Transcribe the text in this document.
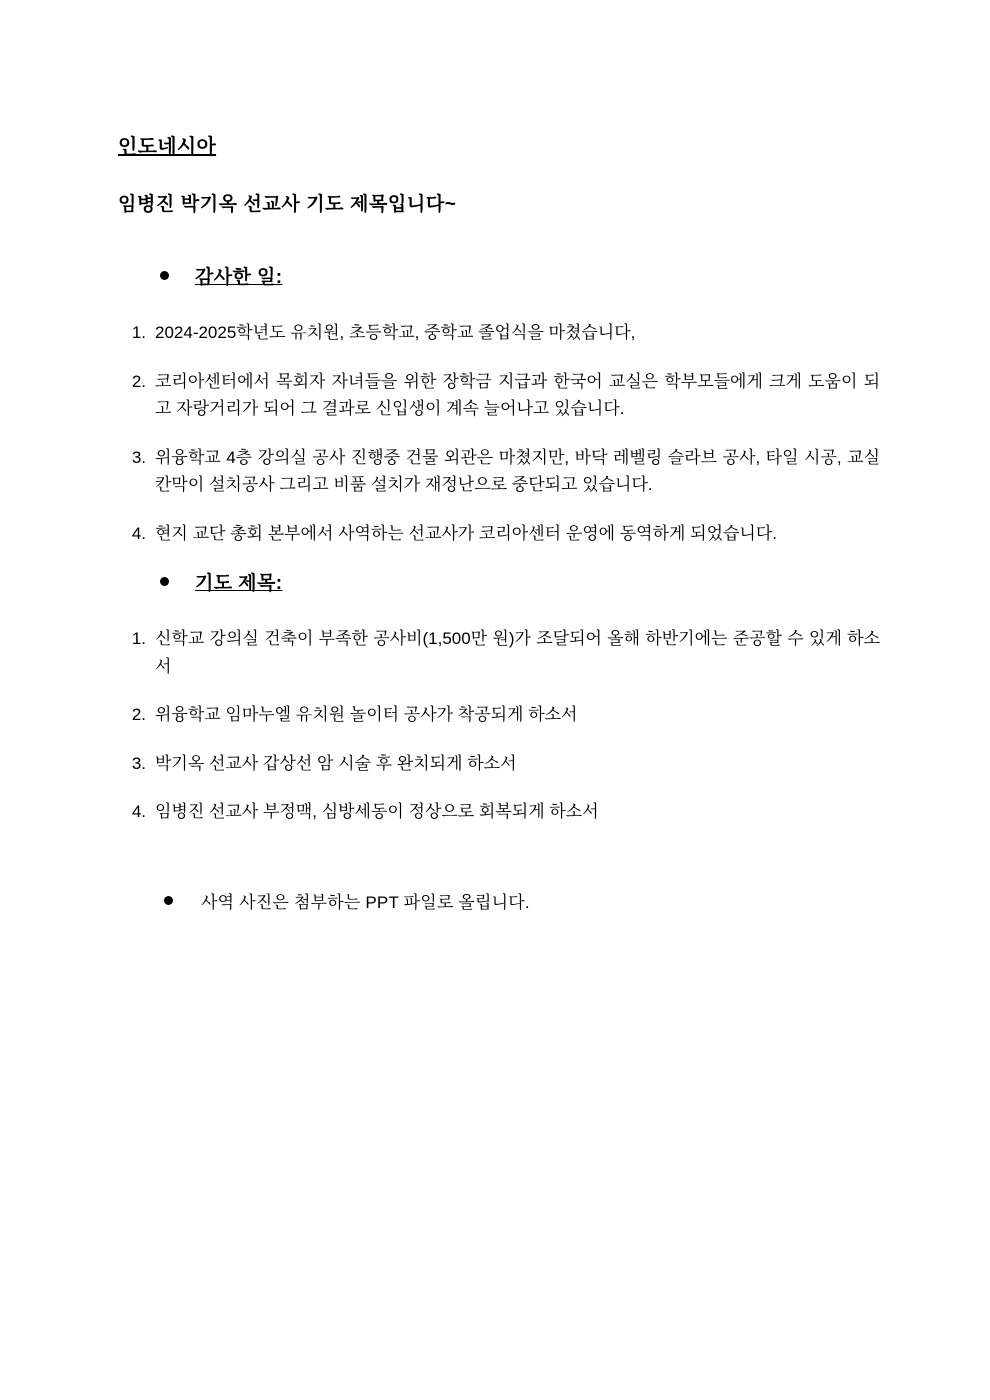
인도네시아
임병진 박기옥 선교사 기도 제목입니다~
감사한 일:
1. 2024-2025학년도 유치원, 초등학교, 중학교 졸업식을 마쳤습니다,
2. 코리아센터에서 목회자 자녀들을 위한 장학금 지급과 한국어 교실은 학부모들에게 크게 도움이 되고 자랑거리가 되어 그 결과로 신입생이 계속 늘어나고 있습니다.
3. 위융학교 4층 강의실 공사 진행중 건물 외관은 마쳤지만, 바닥 레벨링 슬라브 공사, 타일 시공, 교실 칸막이 설치공사 그리고 비품 설치가 재정난으로 중단되고 있습니다.
4. 현지 교단 총회 본부에서 사역하는 선교사가 코리아센터 운영에 동역하게 되었습니다.
기도 제목:
1. 신학교 강의실 건축이 부족한 공사비(1,500만 원)가 조달되어 올해 하반기에는 준공할 수 있게 하소서
2. 위융학교 임마누엘 유치원 놀이터 공사가 착공되게 하소서
3. 박기옥 선교사 갑상선 암 시술 후 완치되게 하소서
4. 임병진 선교사 부정맥, 심방세동이 정상으로 회복되게 하소서
사역 사진은 첨부하는 PPT 파일로 올립니다.
